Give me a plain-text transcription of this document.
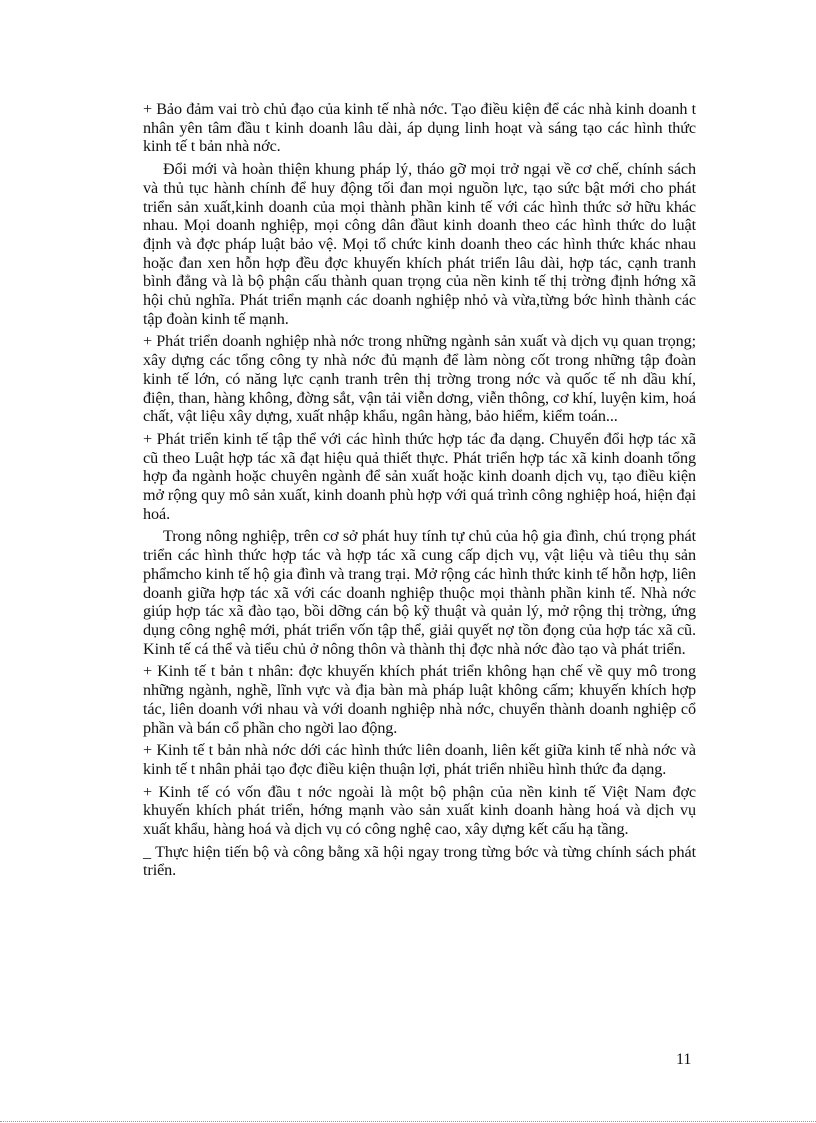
+ Bảo đảm vai trò chủ đạo của kinh tế nhà nớc. Tạo điều kiện để các nhà kinh doanh t nhân yên tâm đầu t kinh doanh lâu dài, áp dụng linh hoạt và sáng tạo các hình thức kinh tế t bản nhà nớc.

Đổi mới và hoàn thiện khung pháp lý, tháo gỡ mọi trở ngại về cơ chế, chính sách và thủ tục hành chính để huy động tối đan mọi nguồn lực, tạo sức bật mới cho phát triển sản xuất,kinh doanh của mọi thành phần kinh tế với các hình thức sở hữu khác nhau. Mọi doanh nghiệp, mọi công dân đầut kinh doanh theo các hình thức do luật định và đợc pháp luật bảo vệ. Mọi tổ chức kinh doanh theo các hình thức khác nhau hoặc đan xen hỗn hợp đều đợc khuyến khích phát triển lâu dài, hợp tác, cạnh tranh bình đẳng và là bộ phận cấu thành quan trọng của nền kinh tế thị trờng định hớng xã hội chủ nghĩa. Phát triển mạnh các doanh nghiệp nhỏ và vừa,từng bớc hình thành các tập đoàn kinh tế mạnh.

+ Phát triển doanh nghiệp nhà nớc trong những ngành sản xuất và dịch vụ quan trọng; xây dựng các tổng công ty nhà nớc đủ mạnh để làm nòng cốt trong những tập đoàn kinh tế lớn, có năng lực cạnh tranh trên thị trờng trong nớc và quốc tế nh dầu khí, điện, than, hàng không, đờng sắt, vận tải viễn dơng, viễn thông, cơ khí, luyện kim, hoá chất, vật liệu xây dựng, xuất nhập khẩu, ngân hàng, bảo hiểm, kiểm toán...

+ Phát triển kinh tế tập thể với các hình thức hợp tác đa dạng. Chuyển đổi hợp tác xã cũ theo Luật hợp tác xã đạt hiệu quả thiết thực. Phát triển hợp tác xã kinh doanh tổng hợp đa ngành hoặc chuyên ngành để sản xuất hoặc kinh doanh dịch vụ, tạo điều kiện mở rộng quy mô sản xuất, kinh doanh phù hợp với quá trình công nghiệp hoá, hiện đại hoá.

Trong nông nghiệp, trên cơ sở phát huy tính tự chủ của hộ gia đình, chú trọng phát triển các hình thức hợp tác và hợp tác xã cung cấp dịch vụ, vật liệu và tiêu thụ sản phẩmcho kinh tế hộ gia đình và trang trại. Mở rộng các hình thức kinh tế hỗn hợp, liên doanh giữa hợp tác xã với các doanh nghiệp thuộc mọi thành phần kinh tế. Nhà nớc giúp hợp tác xã đào tạo, bồi dỡng cán bộ kỹ thuật và quản lý, mở rộng thị trờng, ứng dụng công nghệ mới, phát triển vốn tập thể, giải quyết nợ tồn đọng của hợp tác xã cũ. Kinh tế cá thể và tiểu chủ ở nông thôn và thành thị đợc nhà nớc đào tạo và phát triển.

+ Kinh tế t bản t nhân: đợc khuyến khích phát triển không hạn chế về quy mô trong những ngành, nghề, lĩnh vực và địa bàn mà pháp luật không cấm; khuyến khích hợp tác, liên doanh với nhau và với doanh nghiệp nhà nớc, chuyển thành doanh nghiệp cổ phần và bán cổ phần cho ngời lao động.

+ Kinh tế t bản nhà nớc dới các hình thức liên doanh, liên kết giữa kinh tế nhà nớc và kinh tế t nhân phải tạo đợc điều kiện thuận lợi, phát triển nhiều hình thức đa dạng.

+ Kinh tế có vốn đầu t nớc ngoài là một bộ phận của nền kinh tế Việt Nam đợc khuyến khích phát triển, hớng mạnh vào sản xuất kinh doanh hàng hoá và dịch vụ xuất khẩu, hàng hoá và dịch vụ có công nghệ cao, xây dựng kết cấu hạ tầng.

_ Thực hiện tiến bộ và công bằng xã hội ngay trong từng bớc và từng chính sách phát triển.

11
